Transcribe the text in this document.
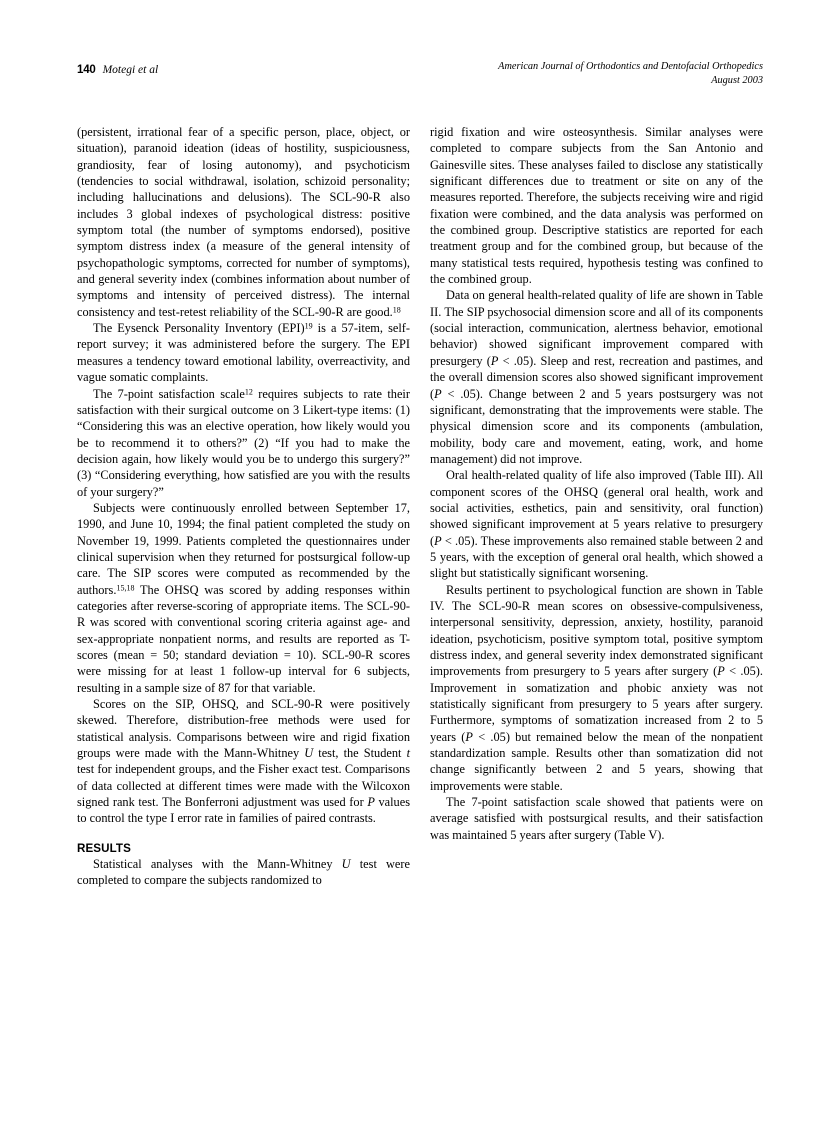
140 Motegi et al	American Journal of Orthodontics and Dentofacial Orthopedics
August 2003

(persistent, irrational fear of a specific person, place, object, or situation), paranoid ideation (ideas of hostility, suspiciousness, grandiosity, fear of losing autonomy), and psychoticism (tendencies to social withdrawal, isolation, schizoid personality; including hallucinations and delusions). The SCL-90-R also includes 3 global indexes of psychological distress: positive symptom total (the number of symptoms endorsed), positive symptom distress index (a measure of the general intensity of psychopathologic symptoms, corrected for number of symptoms), and general severity index (combines information about number of symptoms and intensity of perceived distress). The internal consistency and test-retest reliability of the SCL-90-R are good.$^{18}$

The Eysenck Personality Inventory (EPI)$^{19}$ is a 57-item, self-report survey; it was administered before the surgery. The EPI measures a tendency toward emotional lability, overreactivity, and vague somatic complaints.

The 7-point satisfaction scale$^{12}$ requires subjects to rate their satisfaction with their surgical outcome on 3 Likert-type items: (1) “Considering this was an elective operation, how likely would you be to recommend it to others?” (2) “If you had to make the decision again, how likely would you be to undergo this surgery?” (3) “Considering everything, how satisfied are you with the results of your surgery?”

Subjects were continuously enrolled between September 17, 1990, and June 10, 1994; the final patient completed the study on November 19, 1999. Patients completed the questionnaires under clinical supervision when they returned for postsurgical follow-up care. The SIP scores were computed as recommended by the authors.$^{15,18}$ The OHSQ was scored by adding responses within categories after reverse-scoring of appropriate items. The SCL-90-R was scored with conventional scoring criteria against age- and sex-appropriate nonpatient norms, and results are reported as T-scores (mean = 50; standard deviation = 10). SCL-90-R scores were missing for at least 1 follow-up interval for 6 subjects, resulting in a sample size of 87 for that variable.

Scores on the SIP, OHSQ, and SCL-90-R were positively skewed. Therefore, distribution-free methods were used for statistical analysis. Comparisons between wire and rigid fixation groups were made with the Mann-Whitney U test, the Student t test for independent groups, and the Fisher exact test. Comparisons of data collected at different times were made with the Wilcoxon signed rank test. The Bonferroni adjustment was used for P values to control the type I error rate in families of paired contrasts.

RESULTS

Statistical analyses with the Mann-Whitney U test were completed to compare the subjects randomized to

rigid fixation and wire osteosynthesis. Similar analyses were completed to compare subjects from the San Antonio and Gainesville sites. These analyses failed to disclose any statistically significant differences due to treatment or site on any of the measures reported. Therefore, the subjects receiving wire and rigid fixation were combined, and the data analysis was performed on the combined group. Descriptive statistics are reported for each treatment group and for the combined group, but because of the many statistical tests required, hypothesis testing was confined to the combined group.

Data on general health-related quality of life are shown in Table II. The SIP psychosocial dimension score and all of its components (social interaction, communication, alertness behavior, emotional behavior) showed significant improvement compared with presurgery (P < .05). Sleep and rest, recreation and pastimes, and the overall dimension scores also showed significant improvement (P < .05). Change between 2 and 5 years postsurgery was not significant, demonstrating that the improvements were stable. The physical dimension score and its components (ambulation, mobility, body care and movement, eating, work, and home management) did not improve.

Oral health-related quality of life also improved (Table III). All component scores of the OHSQ (general oral health, work and social activities, esthetics, pain and sensitivity, oral function) showed significant improvement at 5 years relative to presurgery (P < .05). These improvements also remained stable between 2 and 5 years, with the exception of general oral health, which showed a slight but statistically significant worsening.

Results pertinent to psychological function are shown in Table IV. The SCL-90-R mean scores on obsessive-compulsiveness, interpersonal sensitivity, depression, anxiety, hostility, paranoid ideation, psychoticism, positive symptom total, positive symptom distress index, and general severity index demonstrated significant improvements from presurgery to 5 years after surgery (P < .05). Improvement in somatization and phobic anxiety was not statistically significant from presurgery to 5 years after surgery. Furthermore, symptoms of somatization increased from 2 to 5 years (P < .05) but remained below the mean of the nonpatient standardization sample. Results other than somatization did not change significantly between 2 and 5 years, showing that improvements were stable.

The 7-point satisfaction scale showed that patients were on average satisfied with postsurgical results, and their satisfaction was maintained 5 years after surgery (Table V).
